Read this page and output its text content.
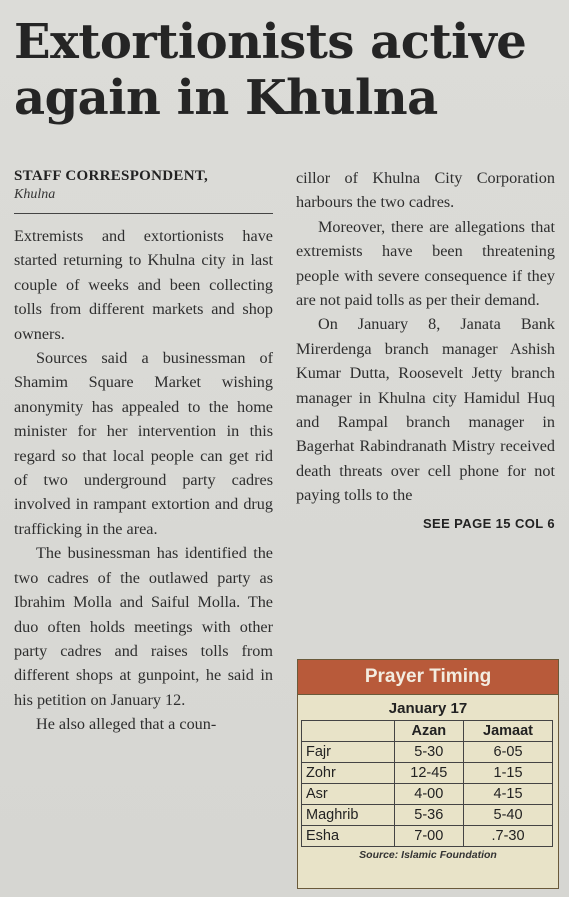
Extortionists active
again in Khulna
STAFF CORRESPONDENT,
Khulna

Extremists and extortionists have started returning to Khulna city in last couple of weeks and been collecting tolls from different markets and shop owners.

Sources said a businessman of Shamim Square Market wishing anonymity has appealed to the home minister for her intervention in this regard so that local people can get rid of two underground party cadres involved in rampant extortion and drug trafficking in the area.

The businessman has identified the two cadres of the outlawed party as Ibrahim Molla and Saiful Molla. The duo often holds meetings with other party cadres and raises tolls from different shops at gunpoint, he said in his petition on January 12.

He also alleged that a coun-

cillor of Khulna City Corporation harbours the two cadres.

Moreover, there are allegations that extremists have been threatening people with severe consequence if they are not paid tolls as per their demand.

On January 8, Janata Bank Mirerdenga branch manager Ashish Kumar Dutta, Roosevelt Jetty branch manager in Khulna city Hamidul Huq and Rampal branch manager in Bagerhat Rabindranath Mistry received death threats over cell phone for not paying tolls to the

SEE PAGE 15 COL 6
Prayer Timing
January 17
	Azan	Jamaat
Fajr	5-30	6-05
Zohr	12-45	1-15
Asr	4-00	4-15
Maghrib	5-36	5-40
Esha	7-00	.7-30
Source: Islamic Foundation
